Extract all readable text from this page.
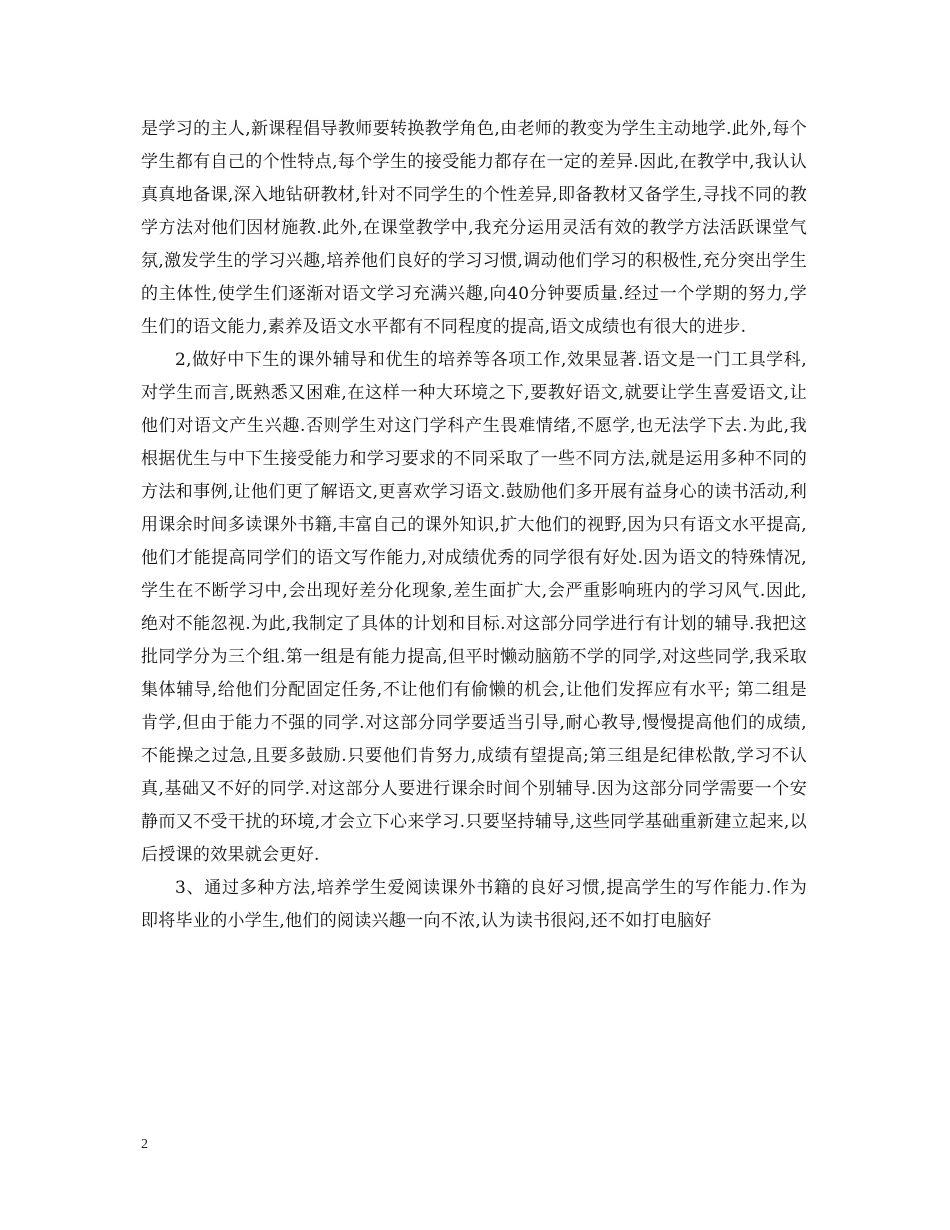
是学习的主人,新课程倡导教师要转换教学角色,由老师的教变为学生主动地学.此外,每个学生都有自己的个性特点,每个学生的接受能力都存在一定的差异.因此,在教学中,我认认真真地备课,深入地钻研教材,针对不同学生的个性差异,即备教材又备学生,寻找不同的教学方法对他们因材施教.此外,在课堂教学中,我充分运用灵活有效的教学方法活跃课堂气氛,激发学生的学习兴趣,培养他们良好的学习习惯,调动他们学习的积极性,充分突出学生的主体性,使学生们逐渐对语文学习充满兴趣,向40分钟要质量.经过一个学期的努力,学生们的语文能力,素养及语文水平都有不同程度的提高,语文成绩也有很大的进步.

2,做好中下生的课外辅导和优生的培养等各项工作,效果显著.语文是一门工具学科,对学生而言,既熟悉又困难,在这样一种大环境之下,要教好语文,就要让学生喜爱语文,让他们对语文产生兴趣.否则学生对这门学科产生畏难情绪,不愿学,也无法学下去.为此,我根据优生与中下生接受能力和学习要求的不同采取了一些不同方法,就是运用多种不同的方法和事例,让他们更了解语文,更喜欢学习语文.鼓励他们多开展有益身心的读书活动,利用课余时间多读课外书籍,丰富自己的课外知识,扩大他们的视野,因为只有语文水平提高,他们才能提高同学们的语文写作能力,对成绩优秀的同学很有好处.因为语文的特殊情况,学生在不断学习中,会出现好差分化现象,差生面扩大,会严重影响班内的学习风气.因此,绝对不能忽视.为此,我制定了具体的计划和目标.对这部分同学进行有计划的辅导.我把这批同学分为三个组.第一组是有能力提高,但平时懒动脑筋不学的同学,对这些同学,我采取集体辅导,给他们分配固定任务,不让他们有偷懒的机会,让他们发挥应有水平; 第二组是肯学,但由于能力不强的同学.对这部分同学要适当引导,耐心教导,慢慢提高他们的成绩,不能操之过急,且要多鼓励.只要他们肯努力,成绩有望提高;第三组是纪律松散,学习不认真,基础又不好的同学.对这部分人要进行课余时间个别辅导.因为这部分同学需要一个安静而又不受干扰的环境,才会立下心来学习.只要坚持辅导,这些同学基础重新建立起来,以后授课的效果就会更好.

3、通过多种方法,培养学生爱阅读课外书籍的良好习惯,提高学生的写作能力.作为即将毕业的小学生,他们的阅读兴趣一向不浓,认为读书很闷,还不如打电脑好

2
